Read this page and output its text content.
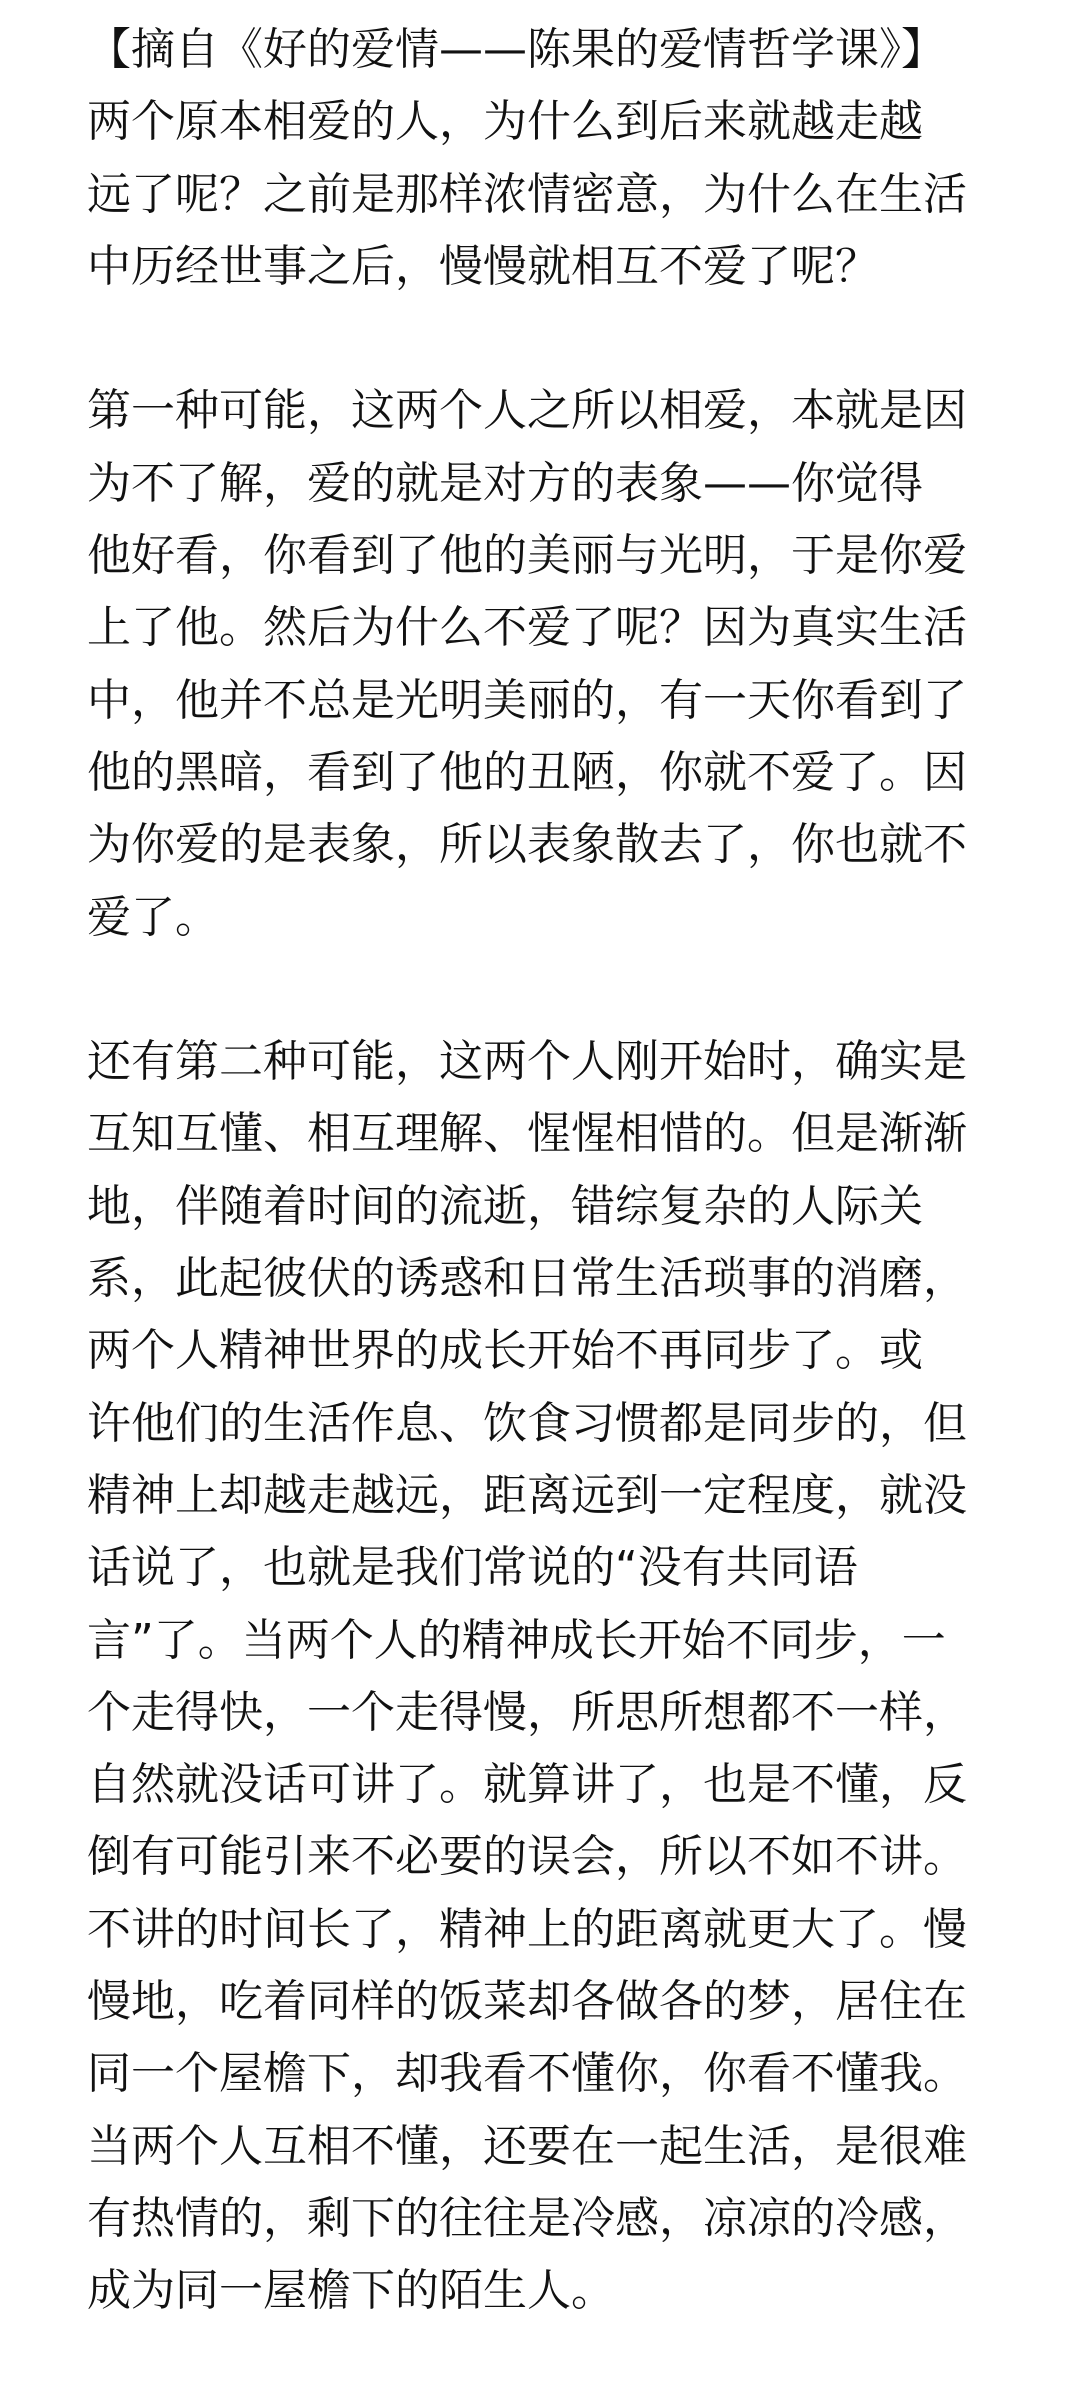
【摘自《好的爱情——陈果的爱情哲学课》】
两个原本相爱的人，为什么到后来就越走越
远了呢？之前是那样浓情密意，为什么在生活
中历经世事之后，慢慢就相互不爱了呢？
第一种可能，这两个人之所以相爱，本就是因
为不了解，爱的就是对方的表象——你觉得
他好看，你看到了他的美丽与光明，于是你爱
上了他。然后为什么不爱了呢？因为真实生活
中，他并不总是光明美丽的，有一天你看到了
他的黑暗，看到了他的丑陋，你就不爱了。因
为你爱的是表象，所以表象散去了，你也就不
爱了。
还有第二种可能，这两个人刚开始时，确实是
互知互懂、相互理解、惺惺相惜的。但是渐渐
地，伴随着时间的流逝，错综复杂的人际关
系，此起彼伏的诱惑和日常生活琐事的消磨，
两个人精神世界的成长开始不再同步了。或
许他们的生活作息、饮食习惯都是同步的，但
精神上却越走越远，距离远到一定程度，就没
话说了，也就是我们常说的“没有共同语
言”了。当两个人的精神成长开始不同步，一
个走得快，一个走得慢，所思所想都不一样，
自然就没话可讲了。就算讲了，也是不懂，反
倒有可能引来不必要的误会，所以不如不讲。
不讲的时间长了，精神上的距离就更大了。慢
慢地，吃着同样的饭菜却各做各的梦，居住在
同一个屋檐下，却我看不懂你，你看不懂我。
当两个人互相不懂，还要在一起生活，是很难
有热情的，剩下的往往是冷感，凉凉的冷感，
成为同一屋檐下的陌生人。
